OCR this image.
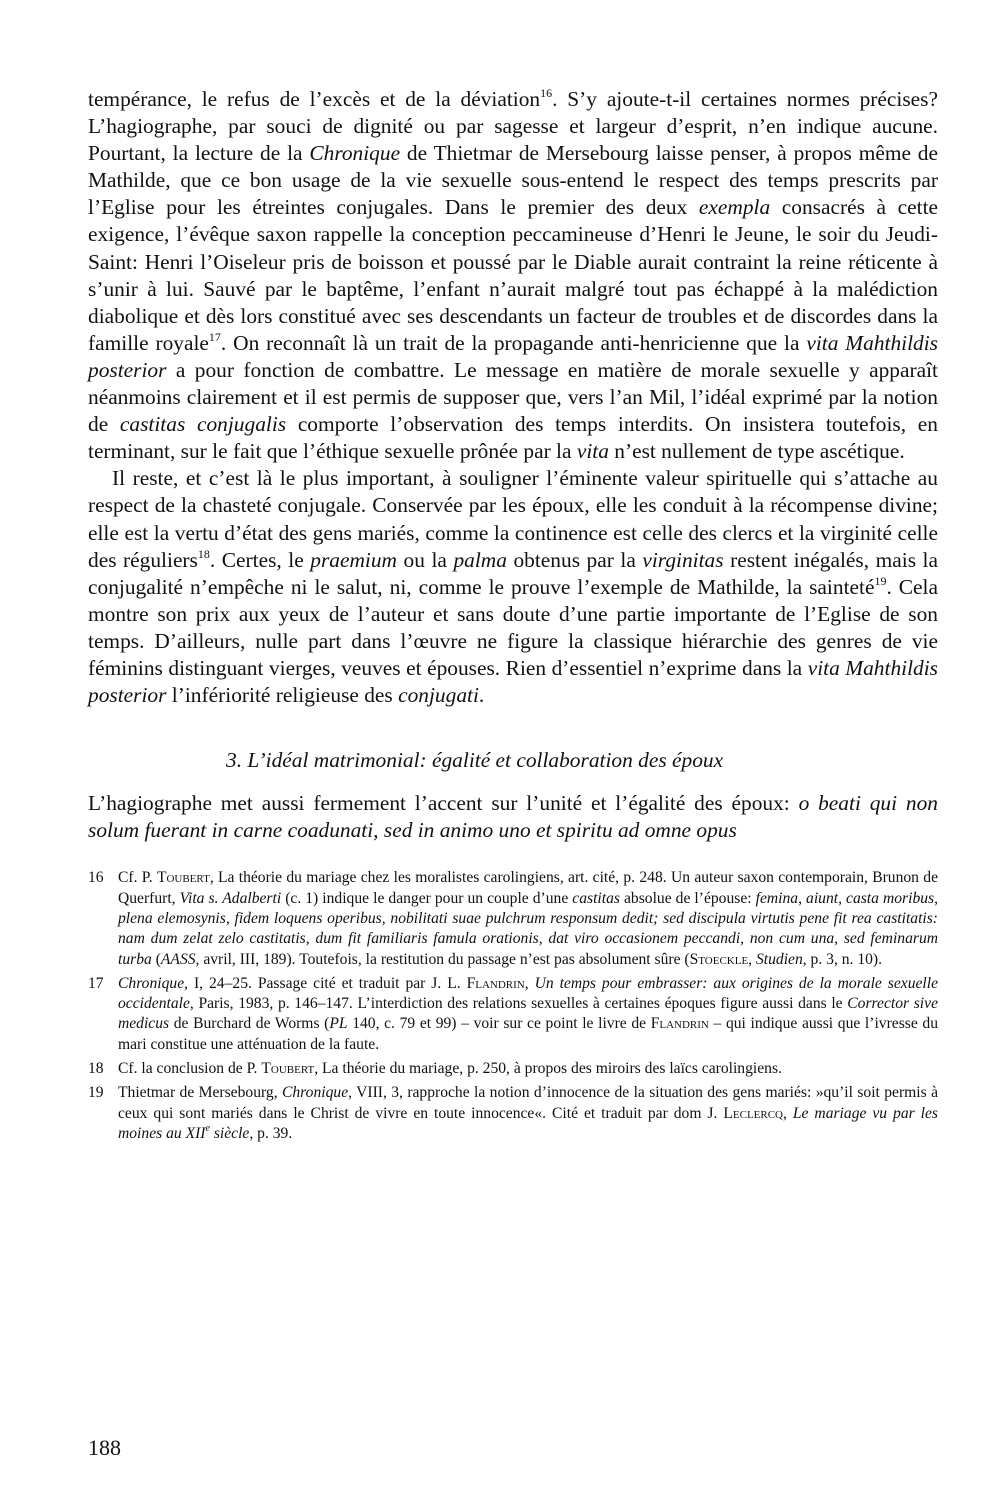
tempérance, le refus de l’excès et de la déviation$^{16}$. S’y ajoute-t-il certaines normes précises? L’hagiographe, par souci de dignité ou par sagesse et largeur d’esprit, n’en indique aucune. Pourtant, la lecture de la Chronique de Thietmar de Mersebourg laisse penser, à propos même de Mathilde, que ce bon usage de la vie sexuelle sous-entend le respect des temps prescrits par l’Eglise pour les étreintes conjugales. Dans le premier des deux exempla consacrés à cette exigence, l’évêque saxon rappelle la conception peccamineuse d’Henri le Jeune, le soir du Jeudi-Saint: Henri l’Oiseleur pris de boisson et poussé par le Diable aurait contraint la reine réticente à s’unir à lui. Sauvé par le baptême, l’enfant n’aurait malgré tout pas échappé à la malédiction diabolique et dès lors constitué avec ses descendants un facteur de troubles et de discordes dans la famille royale$^{17}$. On reconnaît là un trait de la propagande anti-henricienne que la vita Mahthildis posterior a pour fonction de combattre. Le message en matière de morale sexuelle y apparaît néanmoins clairement et il est permis de supposer que, vers l’an Mil, l’idéal exprimé par la notion de castitas conjugalis comporte l’observation des temps interdits. On insistera toutefois, en terminant, sur le fait que l’éthique sexuelle prônée par la vita n’est nullement de type ascétique.

Il reste, et c’est là le plus important, à souligner l’éminente valeur spirituelle qui s’attache au respect de la chasteté conjugale. Conservée par les époux, elle les conduit à la récompense divine; elle est la vertu d’état des gens mariés, comme la continence est celle des clercs et la virginité celle des réguliers$^{18}$. Certes, le praemium ou la palma obtenus par la virginitas restent inégalés, mais la conjugalité n’empêche ni le salut, ni, comme le prouve l’exemple de Mathilde, la sainteté$^{19}$. Cela montre son prix aux yeux de l’auteur et sans doute d’une partie importante de l’Eglise de son temps. D’ailleurs, nulle part dans l’œuvre ne figure la classique hiérarchie des genres de vie féminins distinguant vierges, veuves et épouses. Rien d’essentiel n’exprime dans la vita Mahthildis posterior l’infériorité religieuse des conjugati.

3. L’idéal matrimonial: égalité et collaboration des époux

L’hagiographe met aussi fermement l’accent sur l’unité et l’égalité des époux: o beati qui non solum fuerant in carne coadunati, sed in animo uno et spiritu ad omne opus

16 Cf. P. Toubert, La théorie du mariage chez les moralistes carolingiens, art. cité, p. 248. Un auteur saxon contemporain, Brunon de Querfurt, Vita s. Adalberti (c. 1) indique le danger pour un couple d’une castitas absolue de l’épouse: femina, aiunt, casta moribus, plena elemosynis, fidem loquens operibus, nobilitati suae pulchrum responsum dedit; sed discipula virtutis pene fit rea castitatis: nam dum zelat zelo castitatis, dum fit familiaris famula orationis, dat viro occasionem peccandi, non cum una, sed feminarum turba (AASS, avril, III, 189). Toutefois, la restitution du passage n’est pas absolument sûre (Stoeckle, Studien, p. 3, n. 10).
17 Chronique, I, 24–25. Passage cité et traduit par J. L. Flandrin, Un temps pour embrasser: aux origines de la morale sexuelle occidentale, Paris, 1983, p. 146–147. L’interdiction des relations sexuelles à certaines époques figure aussi dans le Corrector sive medicus de Burchard de Worms (PL 140, c. 79 et 99) – voir sur ce point le livre de Flandrin – qui indique aussi que l’ivresse du mari constitue une atténuation de la faute.
18 Cf. la conclusion de P. Toubert, La théorie du mariage, p. 250, à propos des miroirs des laïcs carolingiens.
19 Thietmar de Mersebourg, Chronique, VIII, 3, rapproche la notion d’innocence de la situation des gens mariés: »qu’il soit permis à ceux qui sont mariés dans le Christ de vivre en toute innocence«. Cité et traduit par dom J. Leclercq, Le mariage vu par les moines au XIIe siècle, p. 39.
188
